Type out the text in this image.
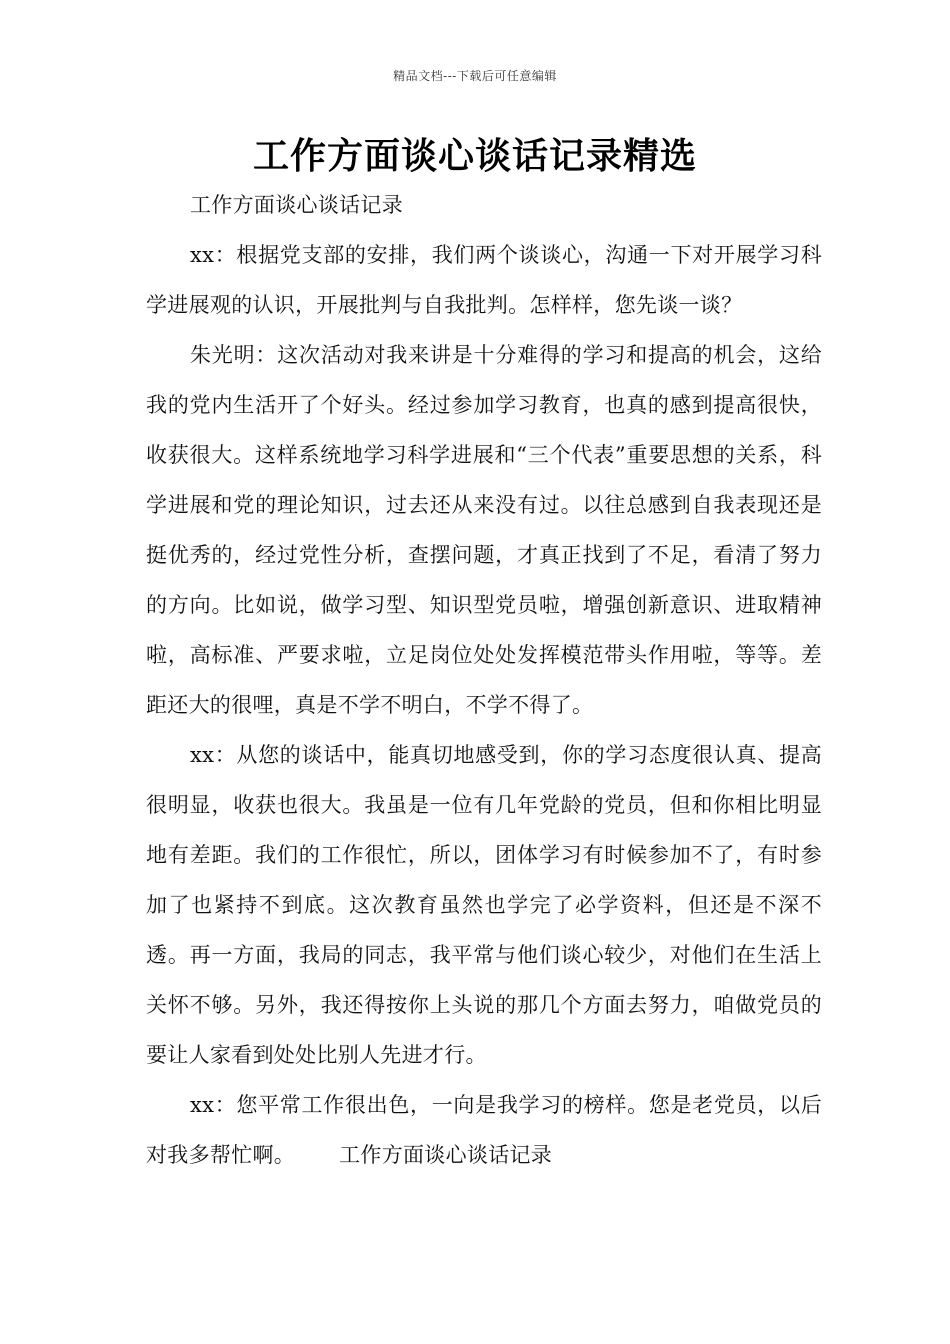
精品文档---下载后可任意编辑
工作方面谈心谈话记录精选

工作方面谈心谈话记录

xx：根据党支部的安排，我们两个谈谈心，沟通一下对开展学习科学进展观的认识，开展批判与自我批判。怎样样，您先谈一谈？

朱光明：这次活动对我来讲是十分难得的学习和提高的机会，这给我的党内生活开了个好头。经过参加学习教育，也真的感到提高很快，收获很大。这样系统地学习科学进展和“三个代表”重要思想的关系，科学进展和党的理论知识，过去还从来没有过。以往总感到自我表现还是挺优秀的，经过党性分析，查摆问题，才真正找到了不足，看清了努力的方向。比如说，做学习型、知识型党员啦，增强创新意识、进取精神啦，高标准、严要求啦，立足岗位处处发挥模范带头作用啦，等等。差距还大的很哩，真是不学不明白，不学不得了。

xx：从您的谈话中，能真切地感受到，你的学习态度很认真、提高很明显，收获也很大。我虽是一位有几年党龄的党员，但和你相比明显地有差距。我们的工作很忙，所以，团体学习有时候参加不了，有时参加了也紧持不到底。这次教育虽然也学完了必学资料，但还是不深不透。再一方面，我局的同志，我平常与他们谈心较少，对他们在生活上关怀不够。另外，我还得按你上头说的那几个方面去努力，咱做党员的要让人家看到处处比别人先进才行。

xx：您平常工作很出色，一向是我学习的榜样。您是老党员，以后对我多帮忙啊。 工作方面谈心谈话记录
